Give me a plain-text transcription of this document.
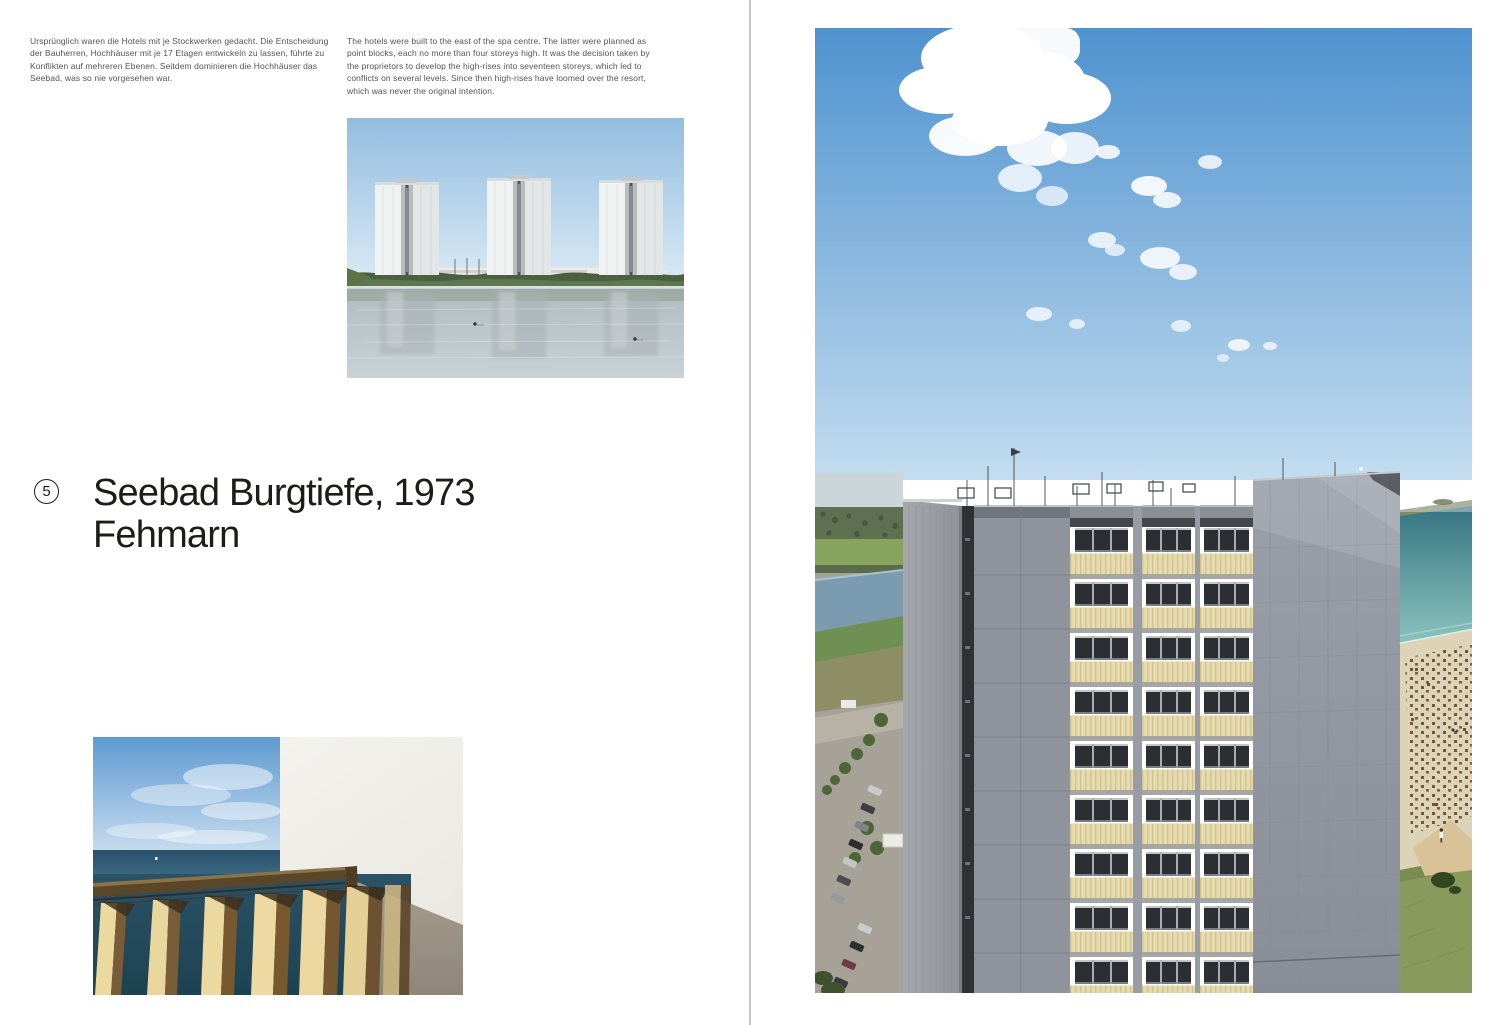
Ursprünglich waren die Hotels mit je Stockwerken gedacht. Die Entscheidung der Bauherren, Hochhäuser mit je 17 Etagen entwickeln zu lassen, führte zu Konflikten auf mehreren Ebenen. Seitdem dominieren die Hochhäuser das Seebad, was so nie vorgesehen war.

The hotels were built to the east of the spa centre. The latter were planned as point blocks, each no more than four storeys high. It was the decision taken by the proprietors to develop the high-rises into seventeen storeys, which led to conflicts on several levels. Since then high-rises have loomed over the resort, which was never the original intention.

5 Seebad Burgtiefe, 1973
Fehmarn
